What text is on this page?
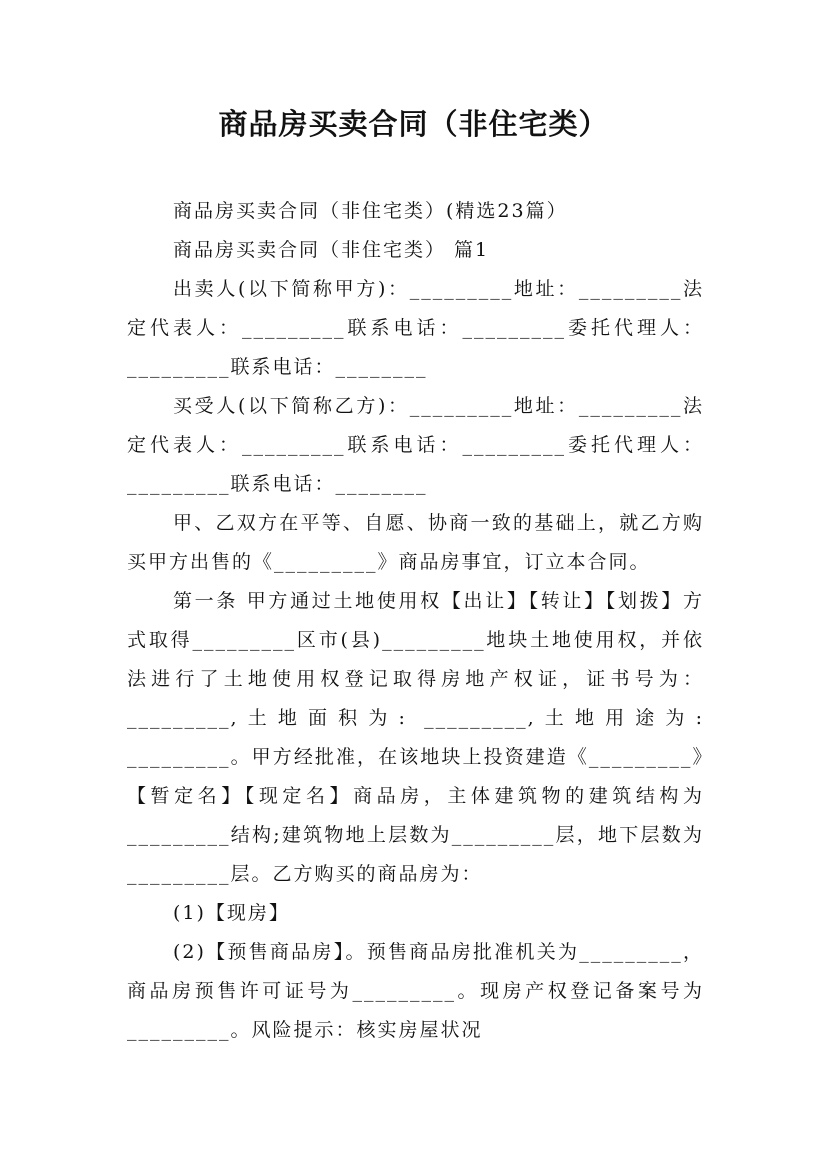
商品房买卖合同（非住宅类）

商品房买卖合同（非住宅类）(精选23篇）

商品房买卖合同（非住宅类） 篇1

出卖人(以下简称甲方)：_________地址：_________法定代表人：_________联系电话：_________委托代理人：_________联系电话：________

买受人(以下简称乙方)：_________地址：_________法定代表人：_________联系电话：_________委托代理人：_________联系电话：________

甲、乙双方在平等、自愿、协商一致的基础上，就乙方购买甲方出售的《_________》商品房事宜，订立本合同。

第一条 甲方通过土地使用权【出让】【转让】【划拨】方式取得_________区市(县)_________地块土地使用权，并依法进行了土地使用权登记取得房地产权证，证书号为：_________,土地面积为: _________,土地用途为: _________。甲方经批准，在该地块上投资建造《_________》【暂定名】【现定名】商品房，主体建筑物的建筑结构为_________结构;建筑物地上层数为_________层，地下层数为_________层。乙方购买的商品房为：

(1)【现房】

(2)【预售商品房】。预售商品房批准机关为_________，商品房预售许可证号为_________。现房产权登记备案号为_________。风险提示：核实房屋状况
